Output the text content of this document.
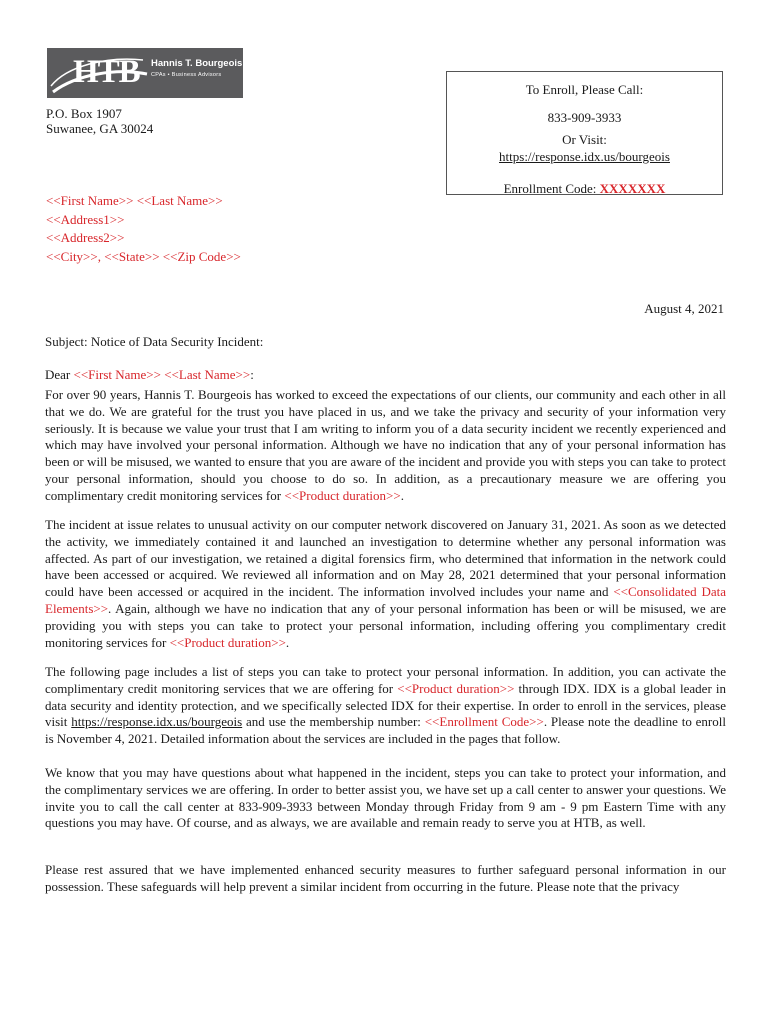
HTB Hannis T. Bourgeois
CPAs • Business Advisors
P.O. Box 1907
Suwanee, GA 30024
To Enroll, Please Call:
833-909-3933
Or Visit:
https://response.idx.us/bourgeois
Enrollment Code: XXXXXXX
<<First Name>> <<Last Name>>
<<Address1>>
<<Address2>>
<<City>>, <<State>> <<Zip Code>>
August 4, 2021
Subject: Notice of Data Security Incident:
Dear <<First Name>> <<Last Name>>:
For over 90 years, Hannis T. Bourgeois has worked to exceed the expectations of our clients, our community and each other in all that we do. We are grateful for the trust you have placed in us, and we take the privacy and security of your information very seriously. It is because we value your trust that I am writing to inform you of a data security incident we recently experienced and which may have involved your personal information. Although we have no indication that any of your personal information has been or will be misused, we wanted to ensure that you are aware of the incident and provide you with steps you can take to protect your personal information, should you choose to do so. In addition, as a precautionary measure we are offering you complimentary credit monitoring services for <<Product duration>>.
The incident at issue relates to unusual activity on our computer network discovered on January 31, 2021. As soon as we detected the activity, we immediately contained it and launched an investigation to determine whether any personal information was affected. As part of our investigation, we retained a digital forensics firm, who determined that information in the network could have been accessed or acquired. We reviewed all information and on May 28, 2021 determined that your personal information could have been accessed or acquired in the incident. The information involved includes your name and <<Consolidated Data Elements>>. Again, although we have no indication that any of your personal information has been or will be misused, we are providing you with steps you can take to protect your personal information, including offering you complimentary credit monitoring services for <<Product duration>>.
The following page includes a list of steps you can take to protect your personal information. In addition, you can activate the complimentary credit monitoring services that we are offering for <<Product duration>> through IDX. IDX is a global leader in data security and identity protection, and we specifically selected IDX for their expertise. In order to enroll in the services, please visit https://response.idx.us/bourgeois and use the membership number: <<Enrollment Code>>. Please note the deadline to enroll is November 4, 2021. Detailed information about the services are included in the pages that follow.
We know that you may have questions about what happened in the incident, steps you can take to protect your information, and the complimentary services we are offering. In order to better assist you, we have set up a call center to answer your questions. We invite you to call the call center at 833-909-3933 between Monday through Friday from 9 am - 9 pm Eastern Time with any questions you may have. Of course, and as always, we are available and remain ready to serve you at HTB, as well.
Please rest assured that we have implemented enhanced security measures to further safeguard personal information in our possession. These safeguards will help prevent a similar incident from occurring in the future. Please note that the privacy
